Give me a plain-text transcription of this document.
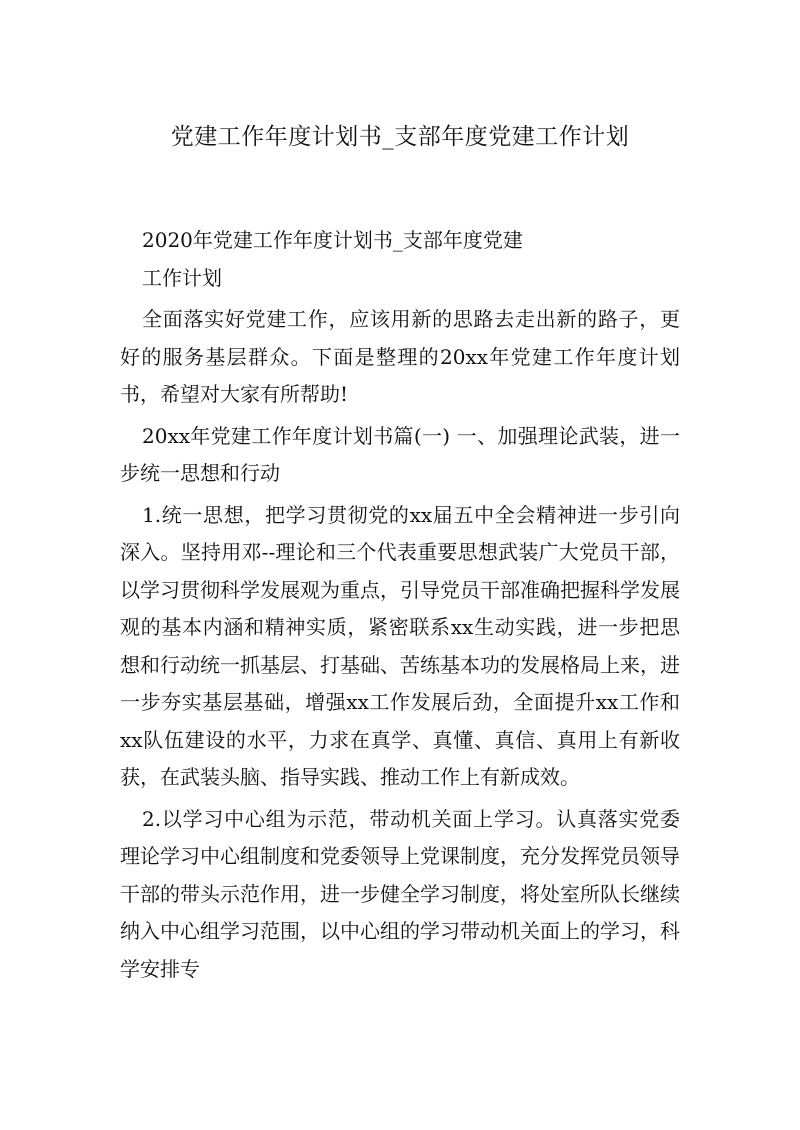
党建工作年度计划书_支部年度党建工作计划

2020年党建工作年度计划书_支部年度党建

工作计划

全面落实好党建工作，应该用新的思路去走出新的路子，更好的服务基层群众。下面是整理的20xx年党建工作年度计划书，希望对大家有所帮助!

20xx年党建工作年度计划书篇(一) 一、加强理论武装，进一步统一思想和行动

1.统一思想，把学习贯彻党的xx届五中全会精神进一步引向深入。坚持用邓--理论和三个代表重要思想武装广大党员干部，以学习贯彻科学发展观为重点，引导党员干部准确把握科学发展观的基本内涵和精神实质，紧密联系xx生动实践，进一步把思想和行动统一抓基层、打基础、苦练基本功的发展格局上来，进一步夯实基层基础，增强xx工作发展后劲，全面提升xx工作和xx队伍建设的水平，力求在真学、真懂、真信、真用上有新收获，在武装头脑、指导实践、推动工作上有新成效。

2.以学习中心组为示范，带动机关面上学习。认真落实党委理论学习中心组制度和党委领导上党课制度，充分发挥党员领导干部的带头示范作用，进一步健全学习制度，将处室所队长继续纳入中心组学习范围，以中心组的学习带动机关面上的学习，科学安排专
